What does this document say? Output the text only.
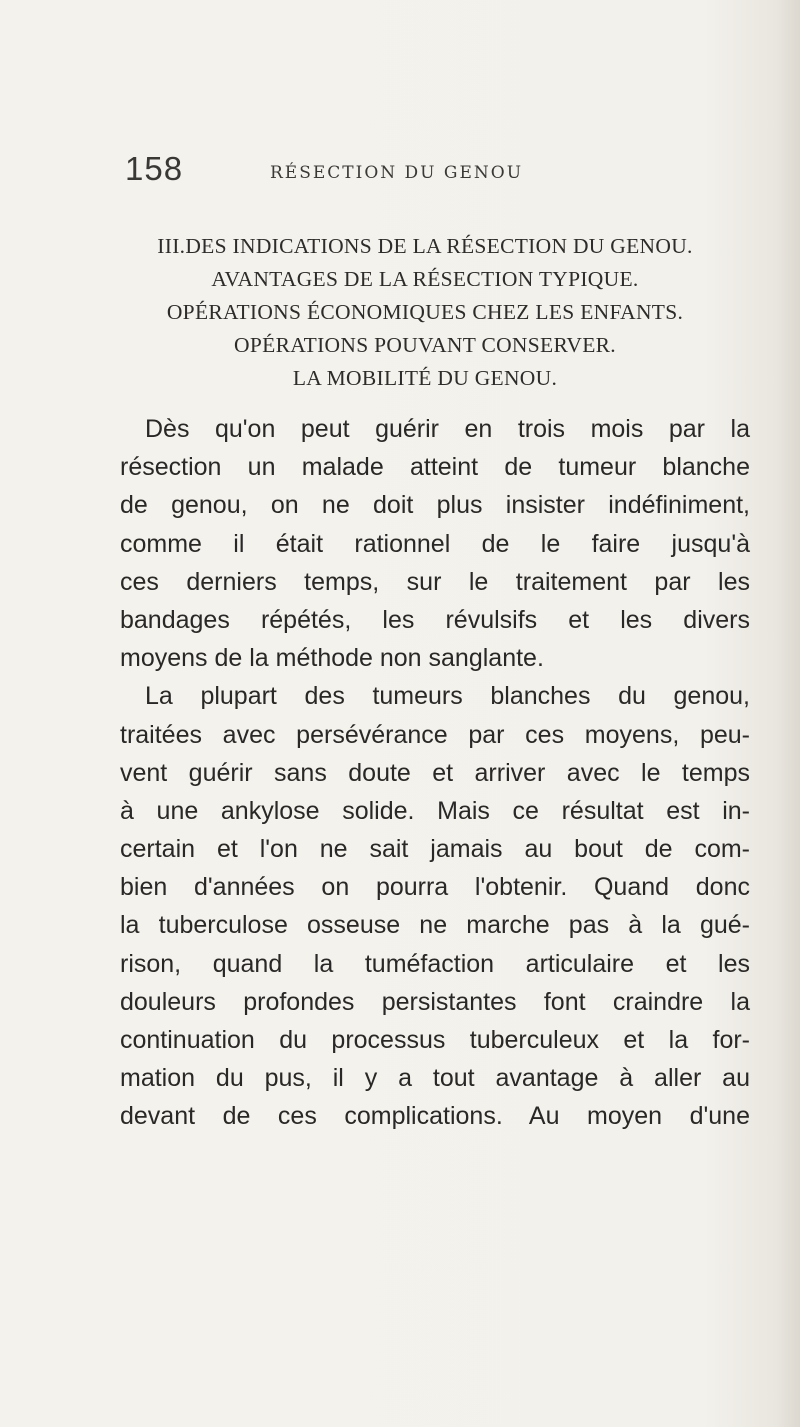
158	RÉSECTION DU GENOU
III.DES INDICATIONS DE LA RÉSECTION DU GENOU.
AVANTAGES DE LA RÉSECTION TYPIQUE.
OPÉRATIONS ÉCONOMIQUES CHEZ LES ENFANTS.
OPÉRATIONS POUVANT CONSERVER.
LA MOBILITÉ DU GENOU.
Dès qu'on peut guérir en trois mois par la
résection un malade atteint de tumeur blanche
de genou, on ne doit plus insister indéfiniment,
comme il était rationnel de le faire jusqu'à
ces derniers temps, sur le traitement par les
bandages répétés, les révulsifs et les divers
moyens de la méthode non sanglante.
La plupart des tumeurs blanches du genou,
traitées avec persévérance par ces moyens, peu-
vent guérir sans doute et arriver avec le temps
à une ankylose solide. Mais ce résultat est in-
certain et l'on ne sait jamais au bout de com-
bien d'années on pourra l'obtenir. Quand donc
la tuberculose osseuse ne marche pas à la gué-
rison, quand la tuméfaction articulaire et les
douleurs profondes persistantes font craindre la
continuation du processus tuberculeux et la for-
mation du pus, il y a tout avantage à aller au
devant de ces complications. Au moyen d'une
